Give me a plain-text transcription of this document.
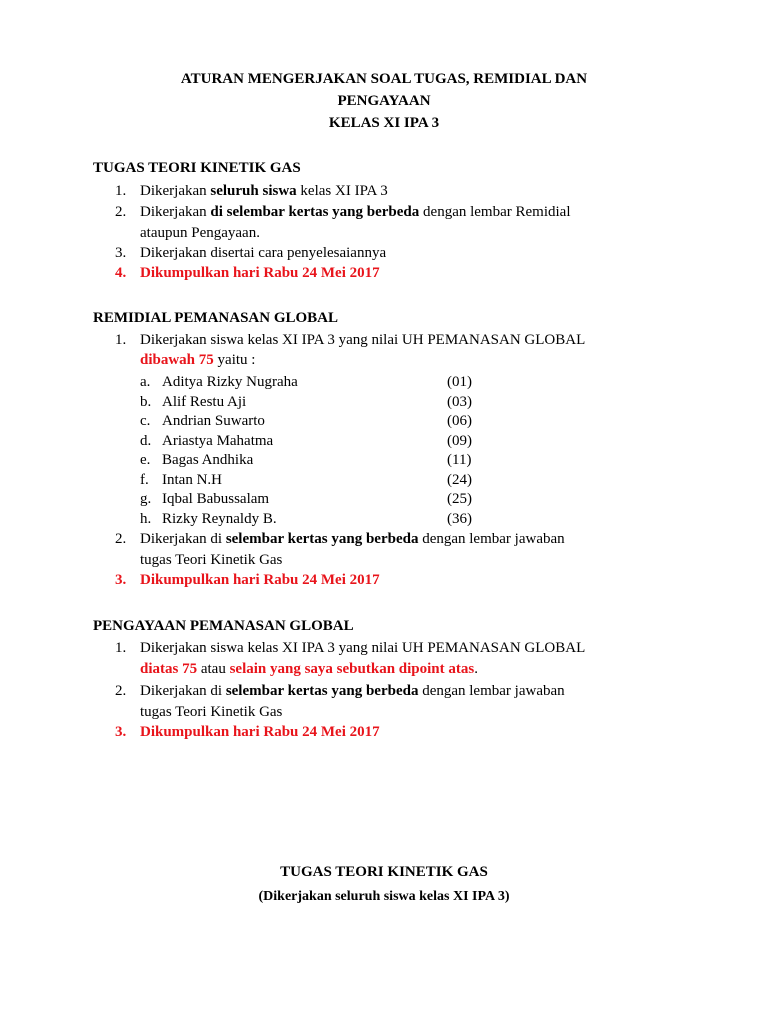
ATURAN MENGERJAKAN SOAL TUGAS, REMIDIAL DAN
PENGAYAAN
KELAS XI IPA 3
TUGAS TEORI KINETIK GAS
1. Dikerjakan seluruh siswa kelas XI IPA 3
2. Dikerjakan di selembar kertas yang berbeda dengan lembar Remidial
ataupun Pengayaan.
3. Dikerjakan disertai cara penyelesaiannya
4. Dikumpulkan hari Rabu 24 Mei 2017
REMIDIAL PEMANASAN GLOBAL
1. Dikerjakan siswa kelas XI IPA 3 yang nilai UH PEMANASAN GLOBAL
dibawah 75 yaitu :
a. Aditya Rizky Nugraha	(01)
b. Alif Restu Aji	(03)
c. Andrian Suwarto	(06)
d. Ariastya Mahatma	(09)
e. Bagas Andhika	(11)
f. Intan N.H	(24)
g. Iqbal Babussalam	(25)
h. Rizky Reynaldy B.	(36)
2. Dikerjakan di selembar kertas yang berbeda dengan lembar jawaban
tugas Teori Kinetik Gas
3. Dikumpulkan hari Rabu 24 Mei 2017
PENGAYAAN PEMANASAN GLOBAL
1. Dikerjakan siswa kelas XI IPA 3 yang nilai UH PEMANASAN GLOBAL
diatas 75 atau selain yang saya sebutkan dipoint atas.
2. Dikerjakan di selembar kertas yang berbeda dengan lembar jawaban
tugas Teori Kinetik Gas
3. Dikumpulkan hari Rabu 24 Mei 2017
TUGAS TEORI KINETIK GAS
(Dikerjakan seluruh siswa kelas XI IPA 3)
